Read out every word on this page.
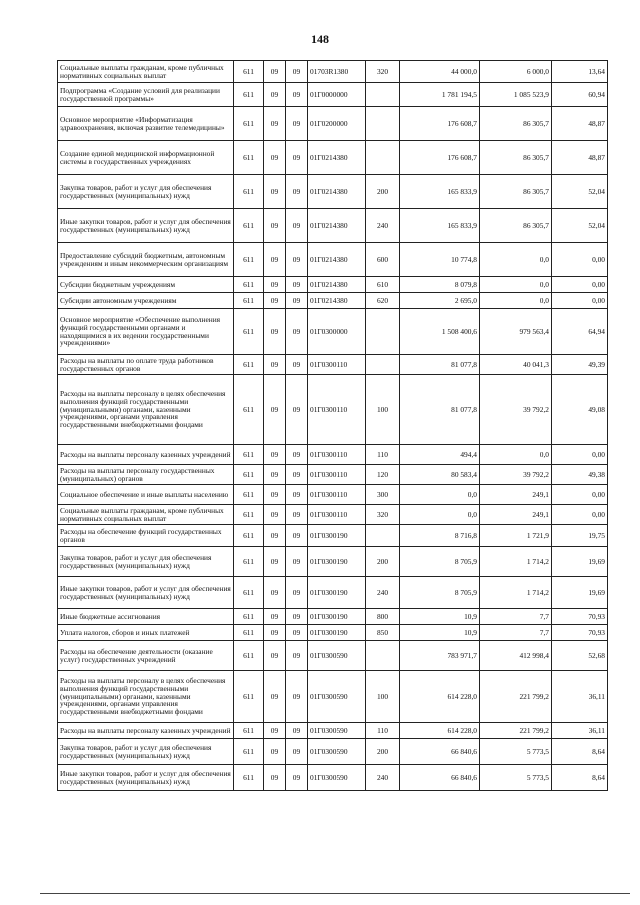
148
Социальные выплаты гражданам, кроме публичных нормативных социальных выплат	611	09	09	01703R1380	320	44 000,0	6 000,0	13,64
Подпрограмма «Создание условий для реализации государственной программы»	611	09	09	01Г0000000		1 781 194,5	1 085 523,9	60,94
Основное мероприятие «Информатизация здравоохранения, включая развитие телемедицины»	611	09	09	01Г0200000		176 608,7	86 305,7	48,87
Создание единой медицинской информационной системы в государственных учреждениях	611	09	09	01Г0214380		176 608,7	86 305,7	48,87
Закупка товаров, работ и услуг для обеспечения государственных (муниципальных) нужд	611	09	09	01Г0214380	200	165 833,9	86 305,7	52,04
Иные закупки товаров, работ и услуг для обеспечения государственных (муниципальных) нужд	611	09	09	01Г0214380	240	165 833,9	86 305,7	52,04
Предоставление субсидий бюджетным, автономным учреждениям и иным некоммерческим организациям	611	09	09	01Г0214380	600	10 774,8	0,0	0,00
Субсидии бюджетным учреждениям	611	09	09	01Г0214380	610	8 079,8	0,0	0,00
Субсидии автономным учреждениям	611	09	09	01Г0214380	620	2 695,0	0,0	0,00
Основное мероприятие «Обеспечение выполнения функций государственными органами и находящимися в их ведении государственными учреждениями»	611	09	09	01Г0300000		1 508 400,6	979 563,4	64,94
Расходы на выплаты по оплате труда работников государственных органов	611	09	09	01Г0300110		81 077,8	40 041,3	49,39
Расходы на выплаты персоналу в целях обеспечения выполнения функций государственными (муниципальными) органами, казенными учреждениями, органами управления государственными внебюджетными фондами	611	09	09	01Г0300110	100	81 077,8	39 792,2	49,08
Расходы на выплаты персоналу казенных учреждений	611	09	09	01Г0300110	110	494,4	0,0	0,00
Расходы на выплаты персоналу государственных (муниципальных) органов	611	09	09	01Г0300110	120	80 583,4	39 792,2	49,38
Социальное обеспечение и иные выплаты населению	611	09	09	01Г0300110	300	0,0	249,1	0,00
Социальные выплаты гражданам, кроме публичных нормативных социальных выплат	611	09	09	01Г0300110	320	0,0	249,1	0,00
Расходы на обеспечение функций государственных органов	611	09	09	01Г0300190		8 716,8	1 721,9	19,75
Закупка товаров, работ и услуг для обеспечения государственных (муниципальных) нужд	611	09	09	01Г0300190	200	8 705,9	1 714,2	19,69
Иные закупки товаров, работ и услуг для обеспечения государственных (муниципальных) нужд	611	09	09	01Г0300190	240	8 705,9	1 714,2	19,69
Иные бюджетные ассигнования	611	09	09	01Г0300190	800	10,9	7,7	70,93
Уплата налогов, сборов и иных платежей	611	09	09	01Г0300190	850	10,9	7,7	70,93
Расходы на обеспечение деятельности (оказание услуг) государственных учреждений	611	09	09	01Г0300590		783 971,7	412 998,4	52,68
Расходы на выплаты персоналу в целях обеспечения выполнения функций государственными (муниципальными) органами, казенными учреждениями, органами управления государственными внебюджетными фондами	611	09	09	01Г0300590	100	614 228,0	221 799,2	36,11
Расходы на выплаты персоналу казенных учреждений	611	09	09	01Г0300590	110	614 228,0	221 799,2	36,11
Закупка товаров, работ и услуг для обеспечения государственных (муниципальных) нужд	611	09	09	01Г0300590	200	66 840,6	5 773,5	8,64
Иные закупки товаров, работ и услуг для обеспечения государственных (муниципальных) нужд	611	09	09	01Г0300590	240	66 840,6	5 773,5	8,64
